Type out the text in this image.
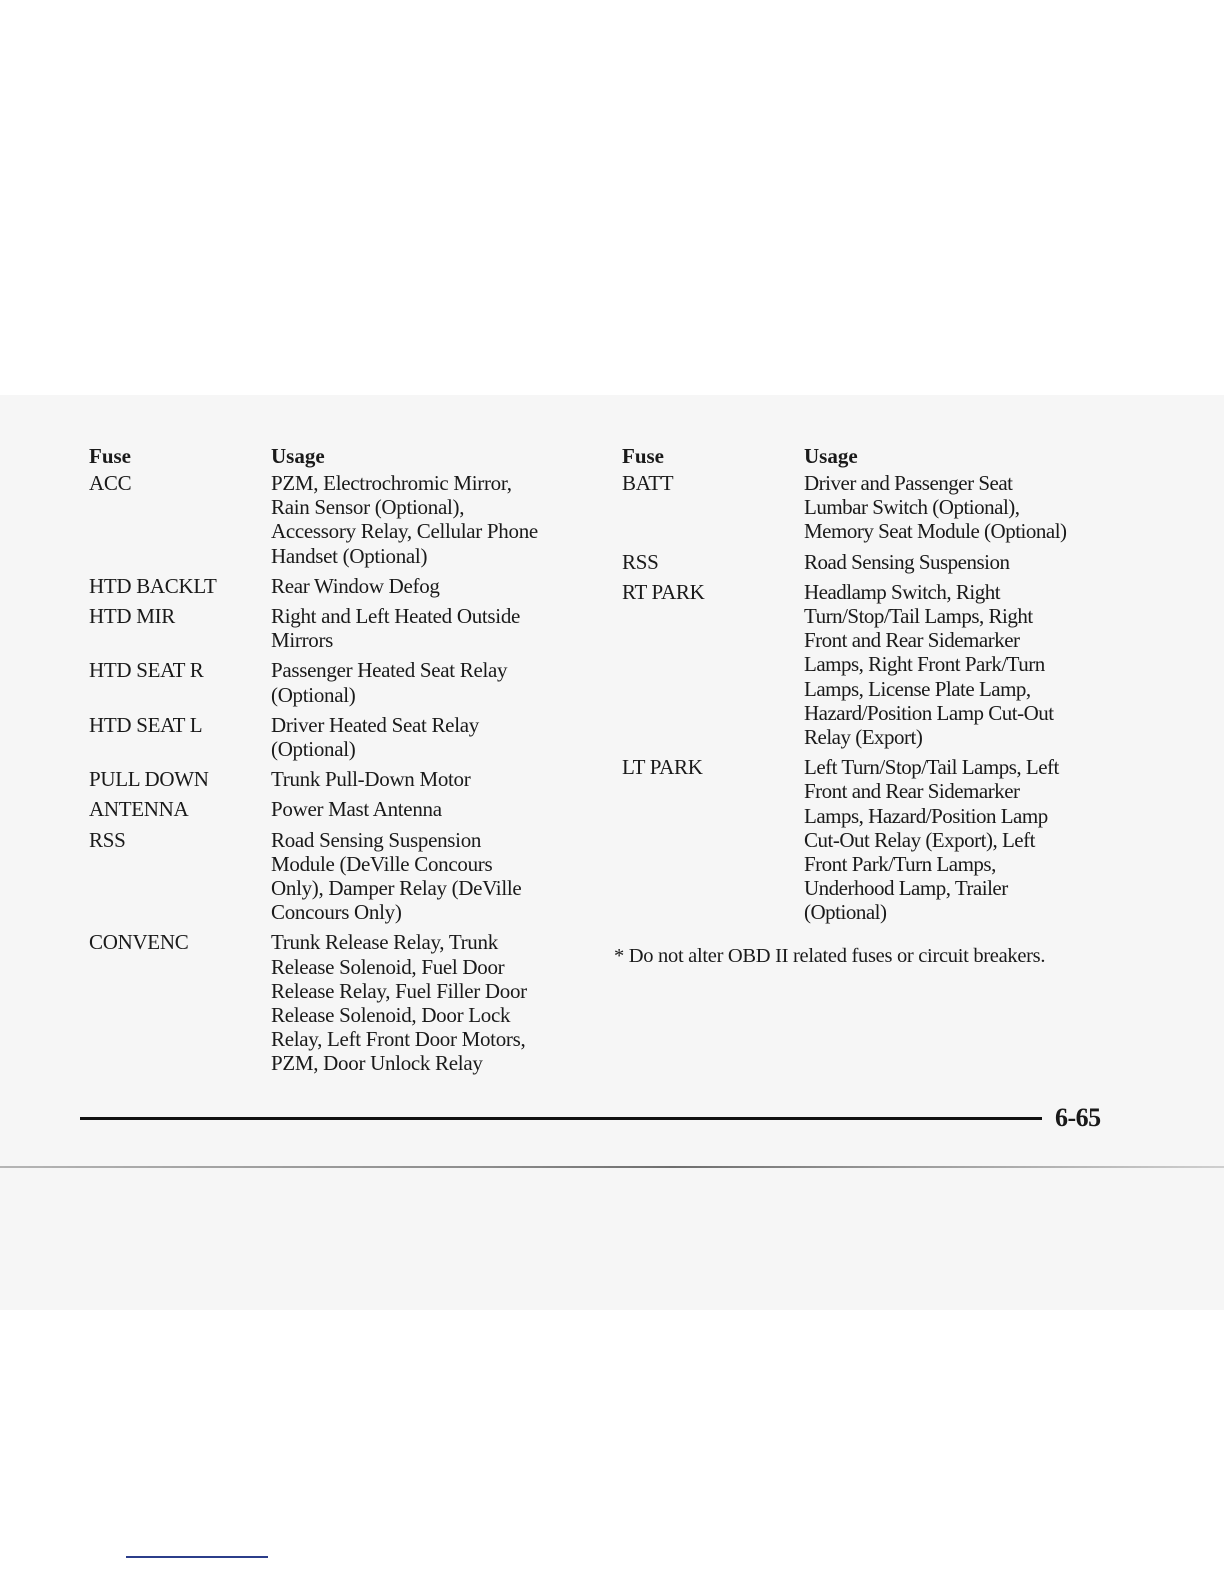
Fuse	Usage
ACC	PZM, Electrochromic Mirror,
Rain Sensor (Optional),
Accessory Relay, Cellular Phone
Handset (Optional)
HTD BACKLT	Rear Window Defog
HTD MIR	Right and Left Heated Outside
Mirrors
HTD SEAT R	Passenger Heated Seat Relay
(Optional)
HTD SEAT L	Driver Heated Seat Relay
(Optional)
PULL DOWN	Trunk Pull-Down Motor
ANTENNA	Power Mast Antenna
RSS	Road Sensing Suspension
Module (DeVille Concours
Only), Damper Relay (DeVille
Concours Only)
CONVENC	Trunk Release Relay, Trunk
Release Solenoid, Fuel Door
Release Relay, Fuel Filler Door
Release Solenoid, Door Lock
Relay, Left Front Door Motors,
PZM, Door Unlock Relay
Fuse	Usage
BATT	Driver and Passenger Seat
Lumbar Switch (Optional),
Memory Seat Module (Optional)
RSS	Road Sensing Suspension
RT PARK	Headlamp Switch, Right
Turn/Stop/Tail Lamps, Right
Front and Rear Sidemarker
Lamps, Right Front Park/Turn
Lamps, License Plate Lamp,
Hazard/Position Lamp Cut-Out
Relay (Export)
LT PARK	Left Turn/Stop/Tail Lamps, Left
Front and Rear Sidemarker
Lamps, Hazard/Position Lamp
Cut-Out Relay (Export), Left
Front Park/Turn Lamps,
Underhood Lamp, Trailer
(Optional)
* Do not alter OBD II related fuses or circuit breakers.
6-65
